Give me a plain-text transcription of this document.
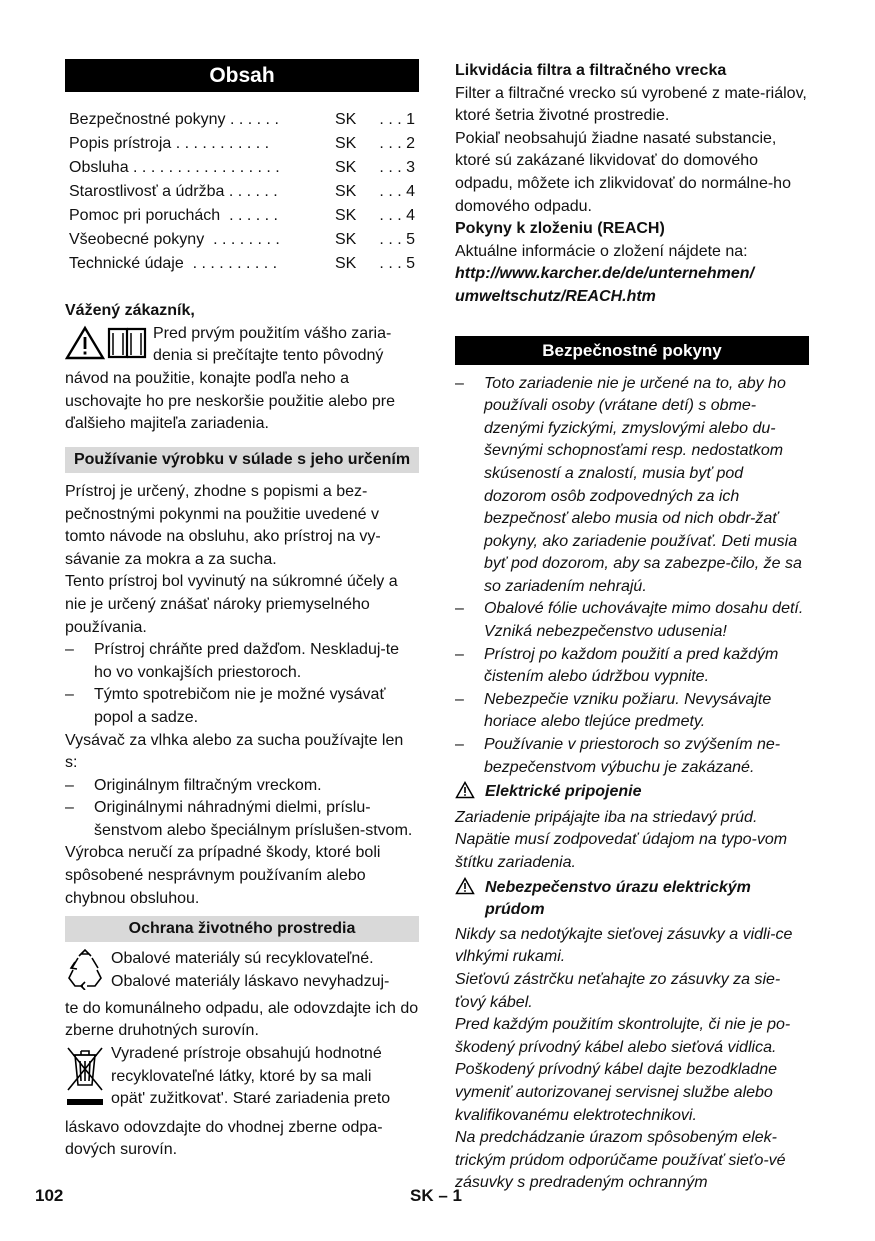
Obsah
Bezpečnostné pokyny . . . . . .	SK	. . . 1
Popis prístroja . . . . . . . . . . .	SK	. . . 2
Obsluha . . . . . . . . . . . . . . . . .	SK	. . . 3
Starostlivosť a údržba . . . . . .	SK	. . . 4
Pomoc pri poruchách  . . . . . .	SK	. . . 4
Všeobecné pokyny  . . . . . . . .	SK	. . . 5
Technické údaje  . . . . . . . . . .	SK	. . . 5

Vážený zákazník,

Pred prvým použitím vášho zaria-

denia si prečítajte tento pôvodný

návod na použitie, konajte podľa neho a uschovajte ho pre neskoršie použitie alebo pre ďalšieho majiteľa zariadenia.

Používanie výrobku v súlade s jeho určením

Prístroj je určený, zhodne s popismi a bez-pečnostnými pokynmi na použitie uvedené v tomto návode na obsluhu, ako prístroj na vy-sávanie za mokra a za sucha.

Tento prístroj bol vyvinutý na súkromné účely a nie je určený znášať nároky priemyselného používania.

–	Prístroj chráňte pred dažďom. Neskladuj-te ho vo vonkajších priestoroch.
–	Týmto spotrebičom nie je možné vysávať popol a sadze.

Vysávač za vlhka alebo za sucha používajte len s:

–	Originálnym filtračným vreckom.
–	Originálnymi náhradnými dielmi, príslu-šenstvom alebo špeciálnym príslušen-stvom.

Výrobca neručí za prípadné škody, ktoré boli spôsobené nesprávnym používaním alebo chybnou obsluhou.

Ochrana životného prostredia

Obalové materiály sú recyklovateľné.

Obalové materiály láskavo nevyhadzuj-

te do komunálneho odpadu, ale odovzdajte ich do zberne druhotných surovín.

Vyradené prístroje obsahujú hodnotné

recyklovateľné látky, ktoré by sa mali

opät' zužitkovat'. Staré zariadenia preto

láskavo odovzdajte do vhodnej zberne odpa-dových surovín.

Likvidácia filtra a filtračného vrecka

Filter a filtračné vrecko sú vyrobené z mate-riálov, ktoré šetria životné prostredie.

Pokiaľ neobsahujú žiadne nasaté substancie, ktoré sú zakázané likvidovať do domového odpadu, môžete ich zlikvidovať do normálne-ho domového odpadu.

Pokyny k zloženiu (REACH)

Aktuálne informácie o zložení nájdete na:

http://www.karcher.de/de/unternehmen/

umweltschutz/REACH.htm

Bezpečnostné pokyny
–	Toto zariadenie nie je určené na to, aby ho používali osoby (vrátane detí) s obme-dzenými fyzickými, zmyslovými alebo du-ševnými schopnosťami resp. nedostatkom skúseností a znalostí, musia byť pod dozorom osôb zodpovedných za ich bezpečnosť alebo musia od nich obdr-žať pokyny, ako zariadenie používať. Deti musia byť pod dozorom, aby sa zabezpe-čilo, že sa so zariadením nehrajú.
–	Obalové fólie uchovávajte mimo dosahu detí. Vzniká nebezpečenstvo udusenia!
–	Prístroj po každom použití a pred každým čistením alebo údržbou vypnite.
–	Nebezpečie vzniku požiaru. Nevysávajte horiace alebo tlejúce predmety.
–	Používanie v priestoroch so zvýšením ne-bezpečenstvom výbuchu je zakázané.
Elektrické pripojenie

Zariadenie pripájajte iba na striedavý prúd. Napätie musí zodpovedať údajom na typo-vom štítku zariadenia.

Nebezpečenstvo úrazu elektrickým prúdom

Nikdy sa nedotýkajte sieťovej zásuvky a vidli-ce vlhkými rukami.

Sieťovú zástrčku neťahajte zo zásuvky za sie-ťový kábel.

Pred každým použitím skontrolujte, či nie je po-škodený prívodný kábel alebo sieťová vidlica.

Poškodený prívodný kábel dajte bezodkladne vymeniť autorizovanej servisnej službe alebo kvalifikovanému elektrotechnikovi.

Na predchádzanie úrazom spôsobeným elek-trickým prúdom odporúčame používať sieťo-vé zásuvky s predradeným ochranným

102	SK – 1
